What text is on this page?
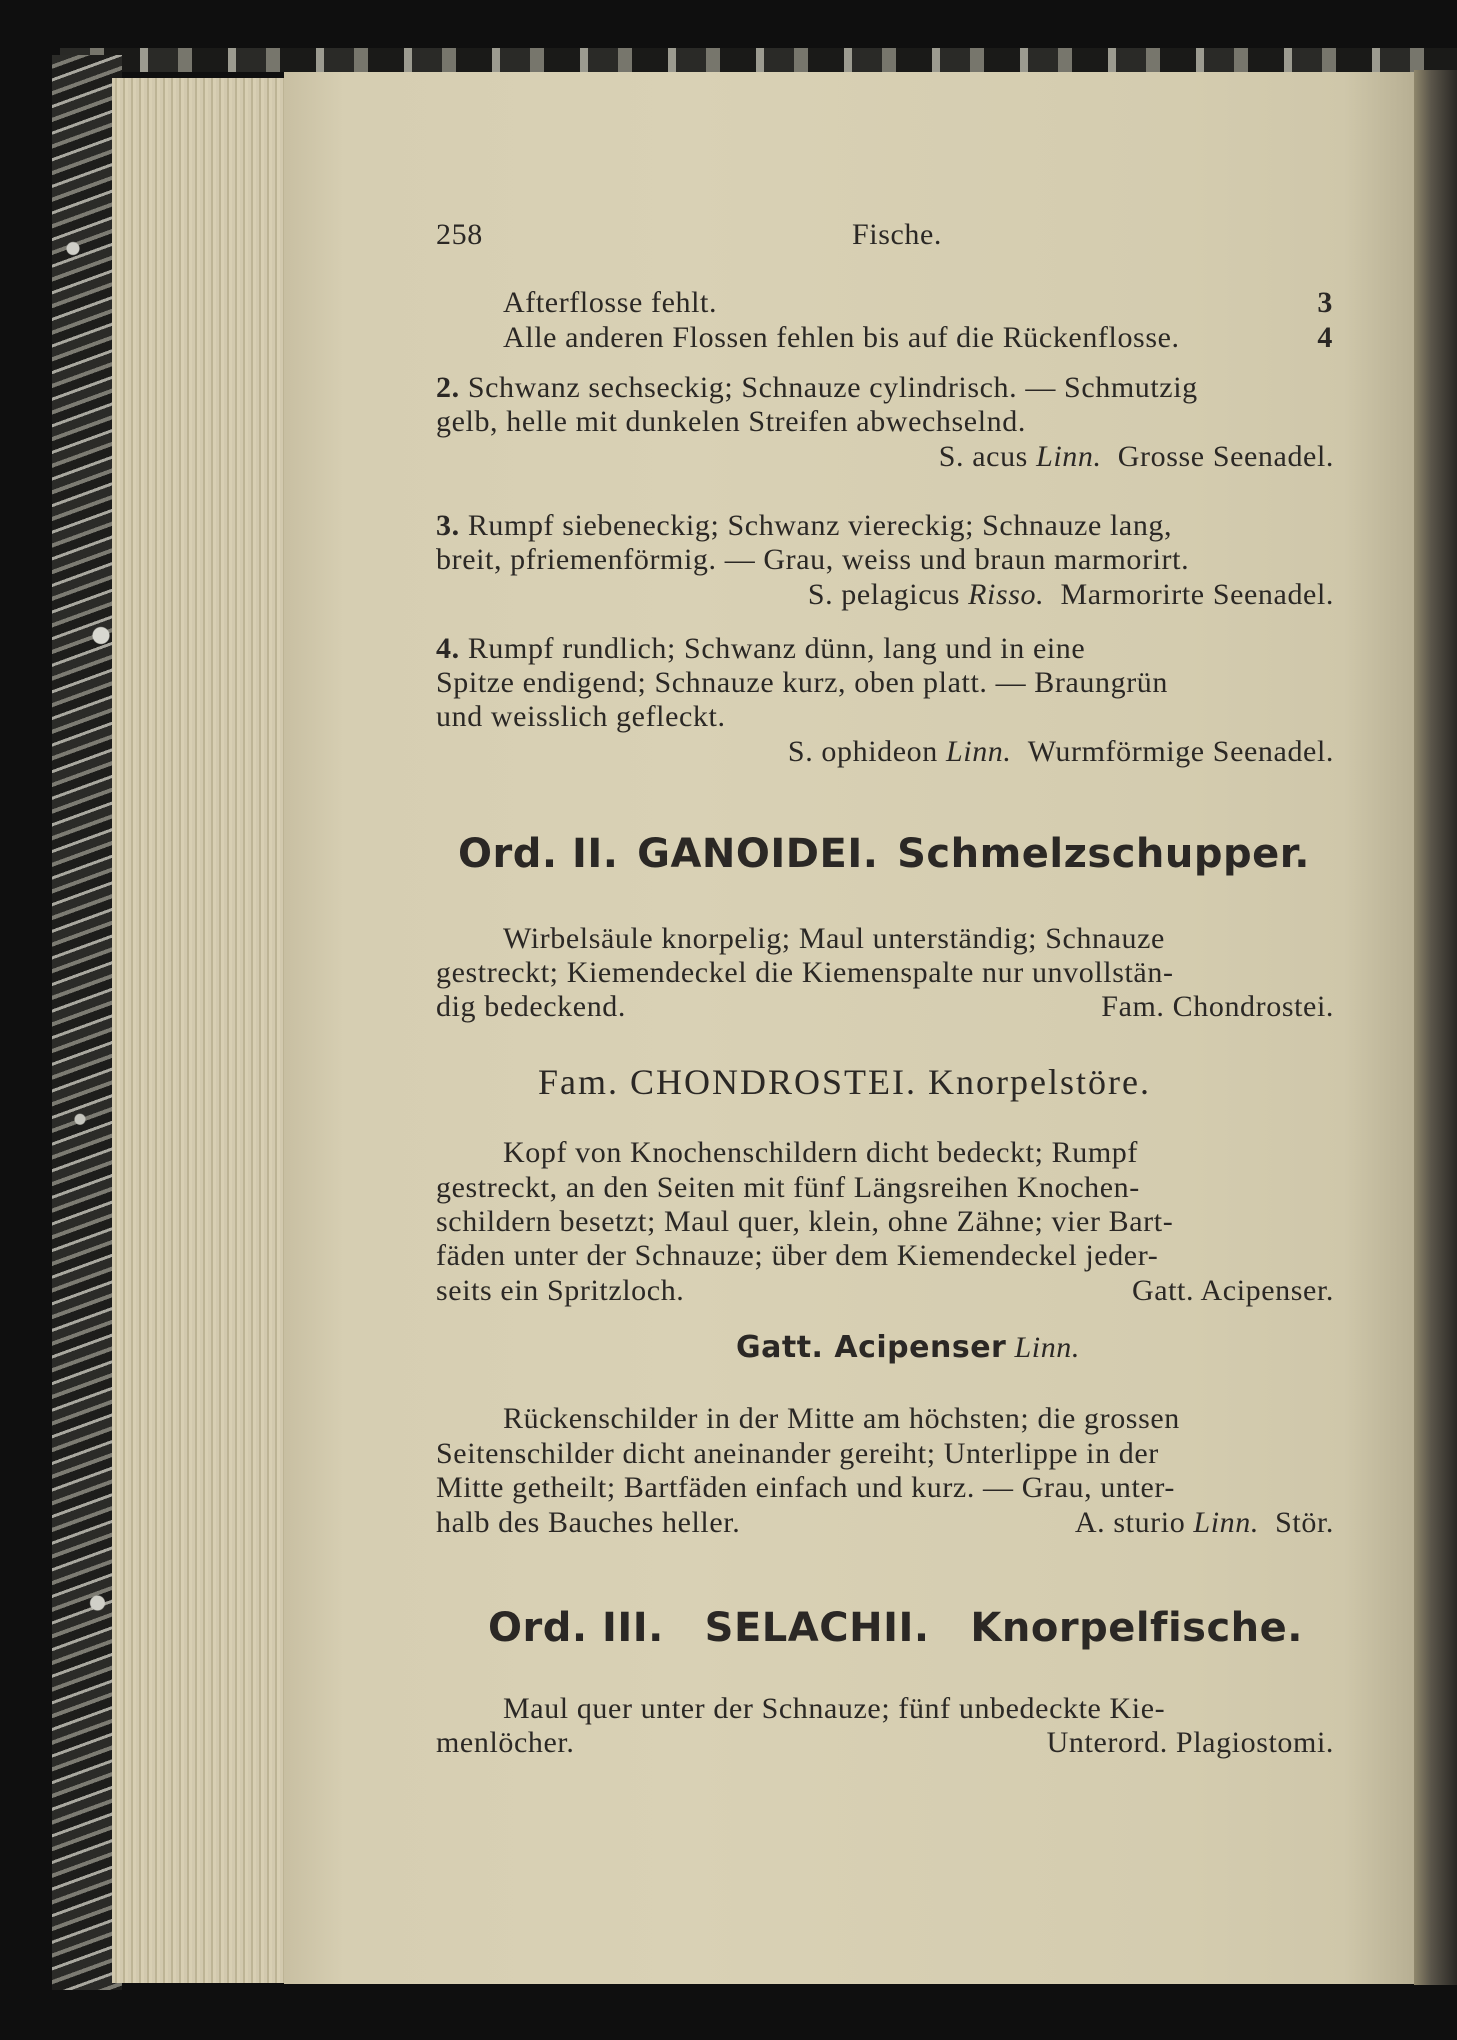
258	Fische.
Afterflosse fehlt.	3
Alle anderen Flossen fehlen bis auf die Rückenflosse.	4
2. Schwanz sechseckig; Schnauze cylindrisch. — Schmutzig
gelb, helle mit dunkelen Streifen abwechselnd.
S. acus Linn. Grosse Seenadel.
3. Rumpf siebeneckig; Schwanz viereckig; Schnauze lang,
breit, pfriemenförmig. — Grau, weiss und braun marmorirt.
S. pelagicus Risso. Marmorirte Seenadel.
4. Rumpf rundlich; Schwanz dünn, lang und in eine
Spitze endigend; Schnauze kurz, oben platt. — Braungrün
und weisslich gefleckt.
S. ophideon Linn. Wurmförmige Seenadel.
Ord. II. GANOIDEI. Schmelzschupper.
Wirbelsäule knorpelig; Maul unterständig; Schnauze
gestreckt; Kiemendeckel die Kiemenspalte nur unvollstän-
dig bedeckend.	Fam. Chondrostei.
Fam. CHONDROSTEI. Knorpelstöre.
Kopf von Knochenschildern dicht bedeckt; Rumpf
gestreckt, an den Seiten mit fünf Längsreihen Knochen-
schildern besetzt; Maul quer, klein, ohne Zähne; vier Bart-
fäden unter der Schnauze; über dem Kiemendeckel jeder-
seits ein Spritzloch.	Gatt. Acipenser.
Gatt. Acipenser Linn.
Rückenschilder in der Mitte am höchsten; die grossen
Seitenschilder dicht aneinander gereiht; Unterlippe in der
Mitte getheilt; Bartfäden einfach und kurz. — Grau, unter-
halb des Bauches heller.	A. sturio Linn. Stör.
Ord. III. SELACHII. Knorpelfische.
Maul quer unter der Schnauze; fünf unbedeckte Kie-
menlöcher.	Unterord. Plagiostomi.
